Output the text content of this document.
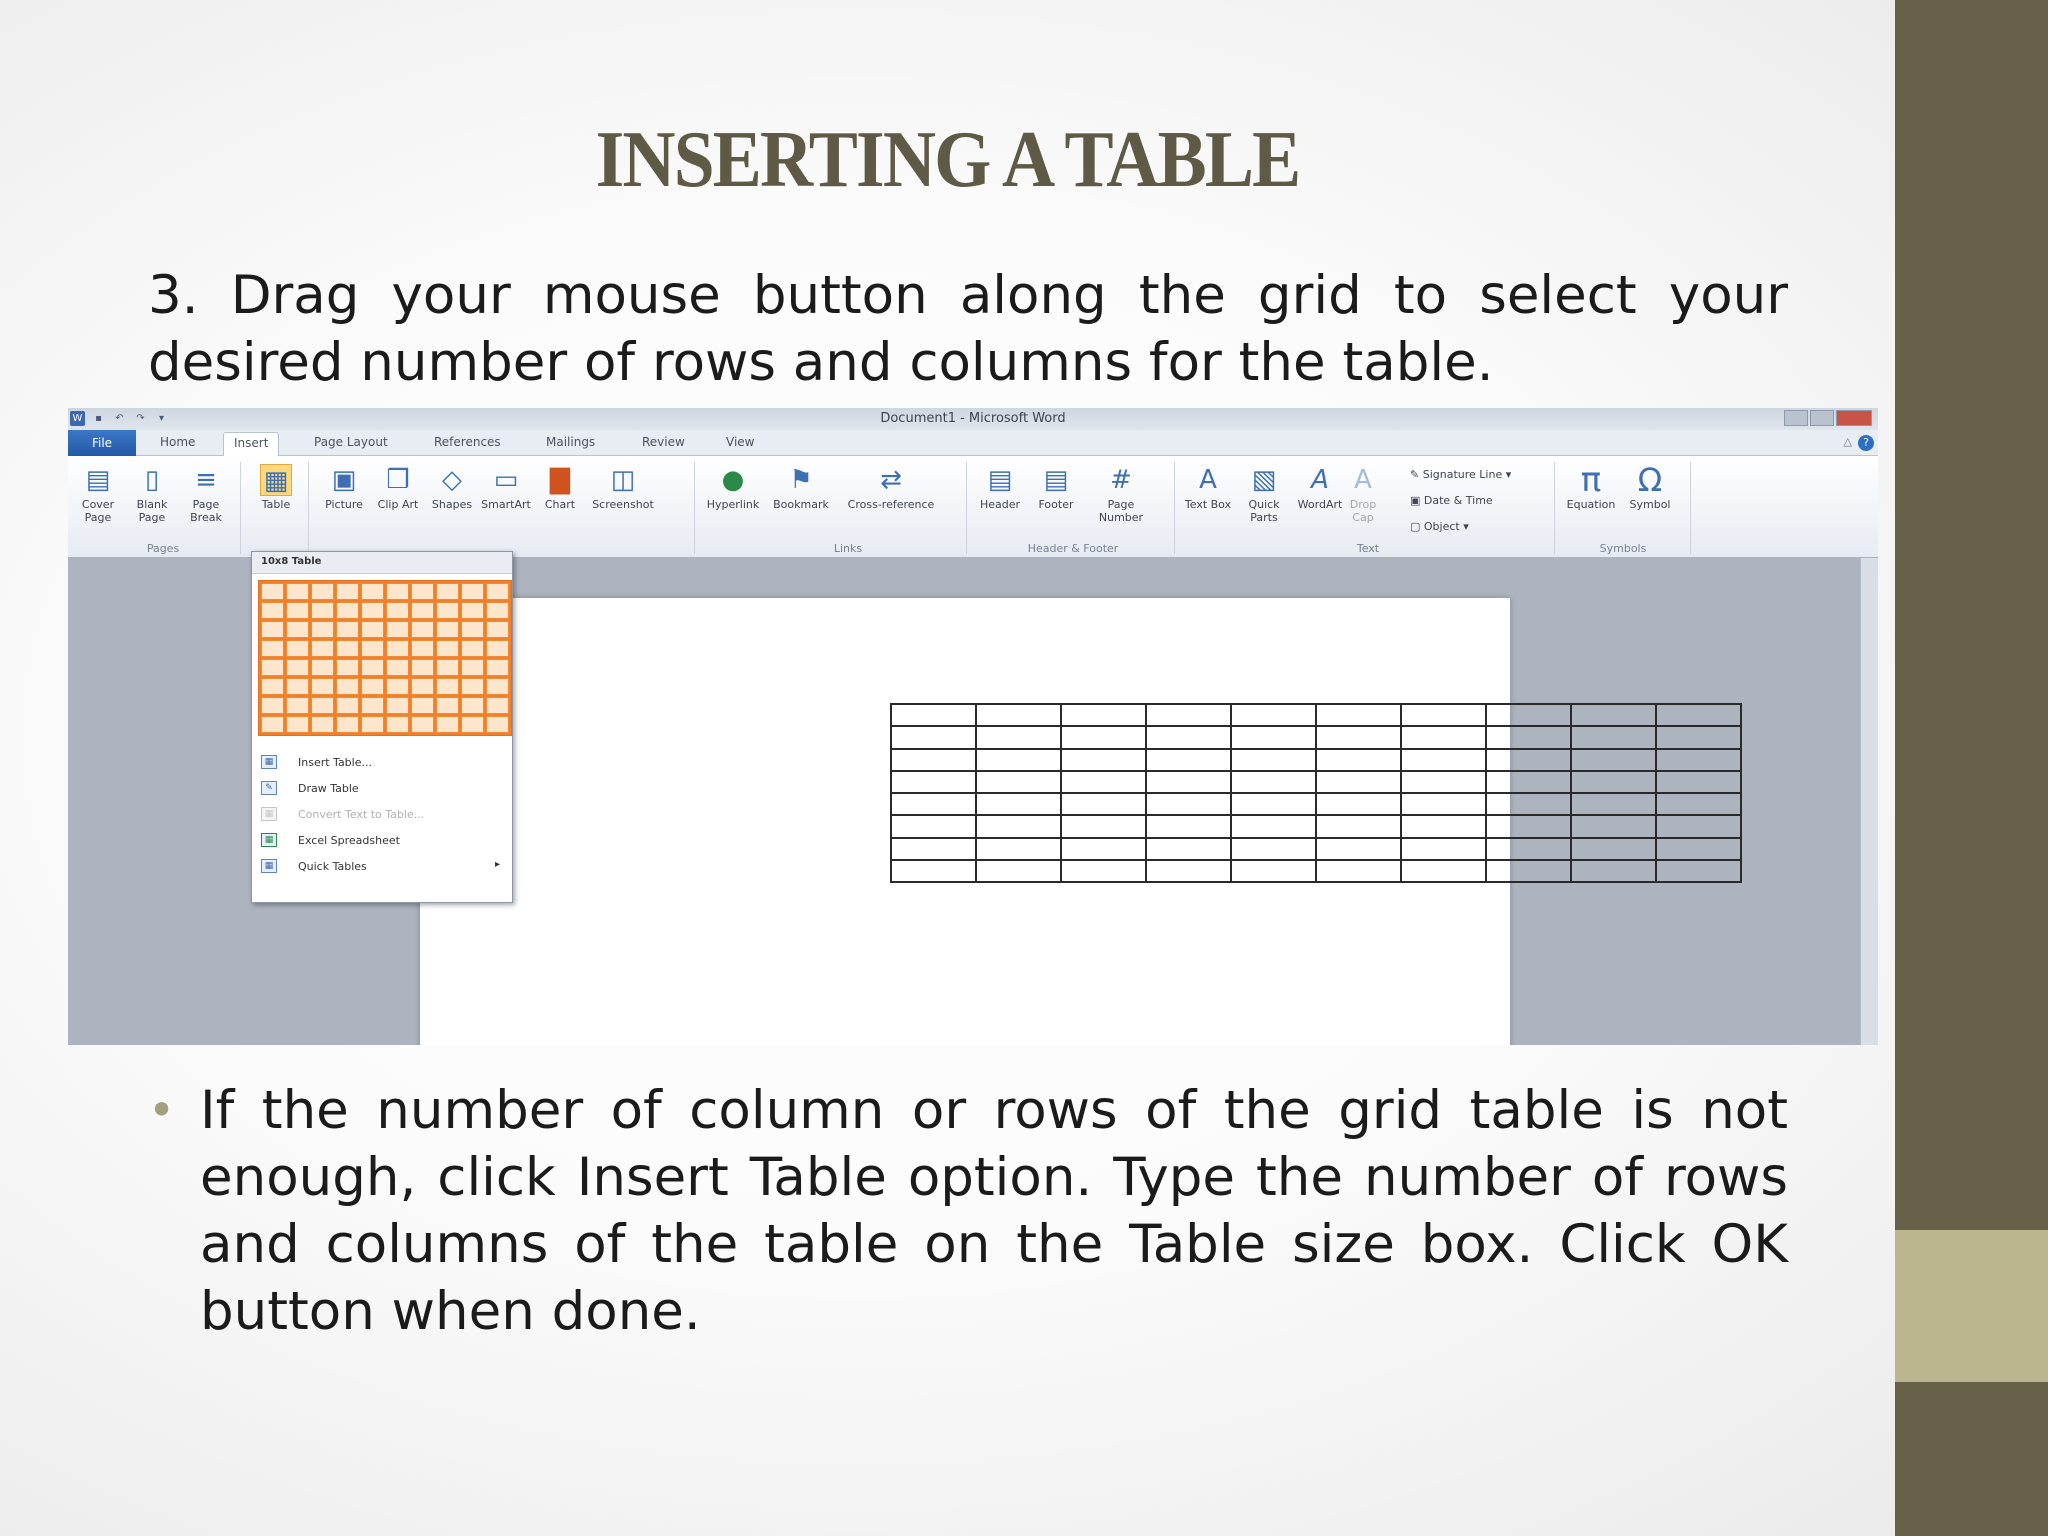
INSERTING A TABLE

3. Drag your mouse button along the grid to select your desired number of rows and columns for the table.

W	▪	↶	↷	▾	Document1 - Microsoft Word
File	Home	Insert	Page Layout	References	Mailings	Review	View	△	?
▤
Cover Page
▯
Blank Page
≡
Page Break
Pages
▦
Table
▣
Picture
❒
Clip Art
◇
Shapes
▭
SmartArt
▇
Chart
◫
Screenshot
●
Hyperlink
⚑
Bookmark
⇄
Cross-reference
Links
▤
Header
▤
Footer
#
Page Number
Header & Footer
A
Text Box
▧
Quick Parts
A
WordArt
A
Drop Cap
✎ Signature Line ▾
▣ Date & Time
▢ Object ▾
Text
π
Equation
Ω
Symbol
Symbols

10x8 Table
▦	Insert Table...
✎	Draw Table
▦	Convert Text to Table...
▦	Excel Spreadsheet
▦	Quick Tables	▸
• If the number of column or rows of the grid table is not enough, click Insert Table option. Type the number of rows and columns of the table on the Table size box. Click OK button when done.
